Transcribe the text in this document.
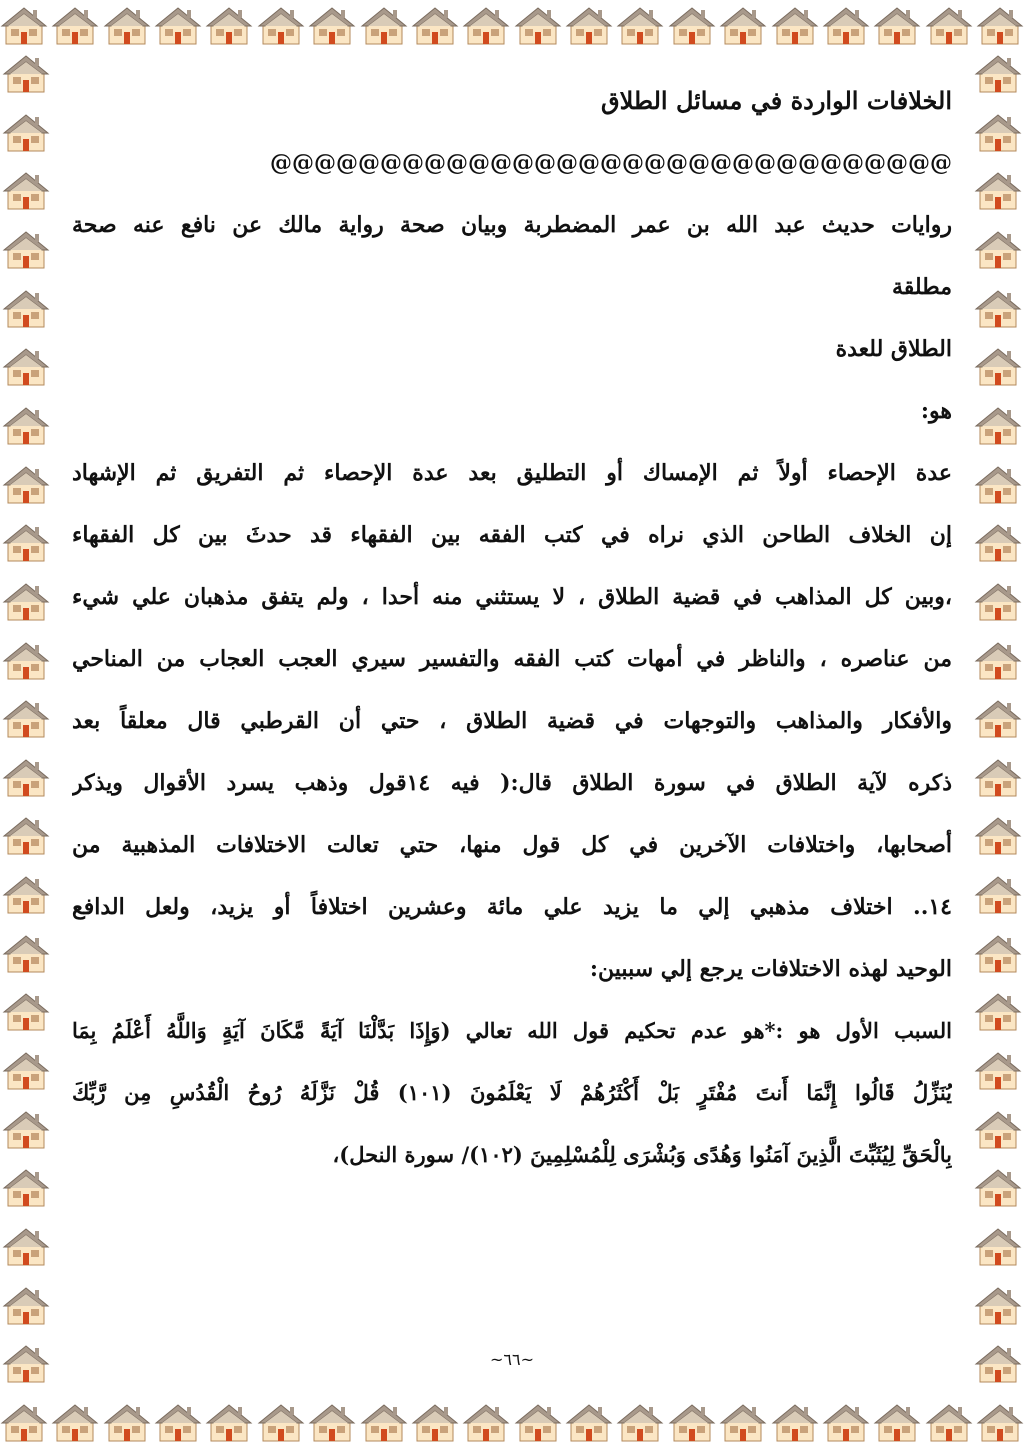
الخلافات الواردة في مسائل الطلاق
@@@@@@@@@@@@@@@@@@@@@@@@@@@@@@@
روايات حديث عبد الله بن عمر المضطربة وبيان صحة رواية مالك عن نافع عنه صحة
مطلقة
الطلاق للعدة
هو:
عدة الإحصاء أولاً ثم الإمساك أو التطليق بعد عدة الإحصاء ثم التفريق ثم الإشهاد
إن الخلاف الطاحن الذي نراه في كتب الفقه بين الفقهاء قد حدثَ بين كل الفقهاء
،وبين كل المذاهب في قضية الطلاق ، لا يستثني منه أحدا ، ولم يتفق مذهبان علي شيء
من عناصره ، والناظر في أمهات كتب الفقه والتفسير سيري العجب العجاب من المناحي
والأفكار والمذاهب والتوجهات في قضية الطلاق ، حتي أن القرطبي قال معلقاً بعد
ذكره لآية الطلاق في سورة الطلاق قال:( فيه ١٤قول وذهب يسرد الأقوال ويذكر
أصحابها، واختلافات الآخرين في كل قول منها، حتي تعالت الاختلافات المذهبية من
١٤.. اختلاف مذهبي إلي ما يزيد علي مائة وعشرين اختلافاً أو يزيد، ولعل الدافع
الوحيد لهذه الاختلافات يرجع إلي سببين:
السبب الأول هو :*هو عدم تحكيم قول الله تعالي (وَإِذَا بَدَّلْنَا آيَةً مَّكَانَ آيَةٍ وَاللَّهُ أَعْلَمُ بِمَا
يُنَزِّلُ قَالُوا إِنَّمَا أَنتَ مُفْتَرٍ بَلْ أَكْثَرُهُمْ لَا يَعْلَمُونَ (١٠١) قُلْ نَزَّلَهُ رُوحُ الْقُدُسِ مِن رَّبِّكَ
بِالْحَقِّ لِيُثَبِّتَ الَّذِينَ آمَنُوا وَهُدًى وَبُشْرَى لِلْمُسْلِمِينَ (١٠٢)/ سورة النحل)،
~٦٦~
